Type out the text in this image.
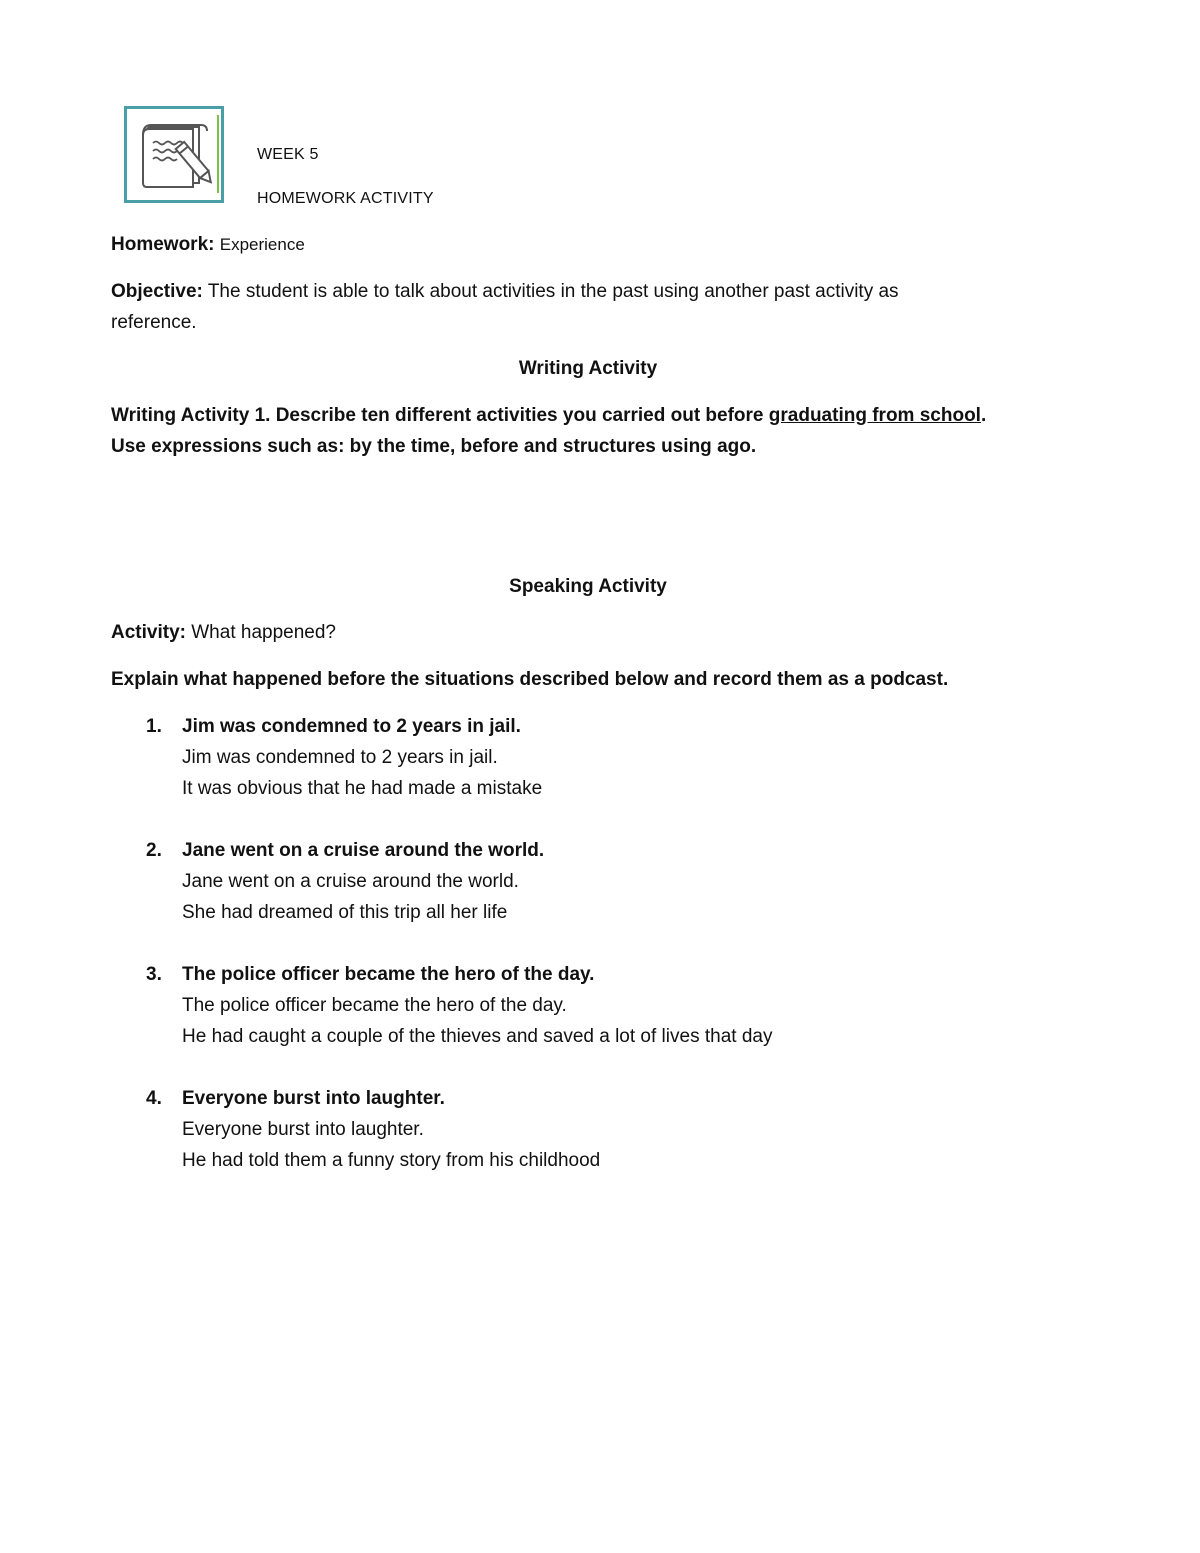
WEEK 5
HOMEWORK ACTIVITY
Homework: Experience
Objective: The student is able to talk about activities in the past using another past activity as
reference.
Writing Activity
Writing Activity 1. Describe ten different activities you carried out before graduating from school.
Use expressions such as: by the time, before and structures using ago.
Speaking Activity
Activity: What happened?
Explain what happened before the situations described below and record them as a podcast.
1. Jim was condemned to 2 years in jail.
Jim was condemned to 2 years in jail.
It was obvious that he had made a mistake
2. Jane went on a cruise around the world.
Jane went on a cruise around the world.
She had dreamed of this trip all her life
3. The police officer became the hero of the day.
The police officer became the hero of the day.
He had caught a couple of the thieves and saved a lot of lives that day
4. Everyone burst into laughter.
Everyone burst into laughter.
He had told them a funny story from his childhood
